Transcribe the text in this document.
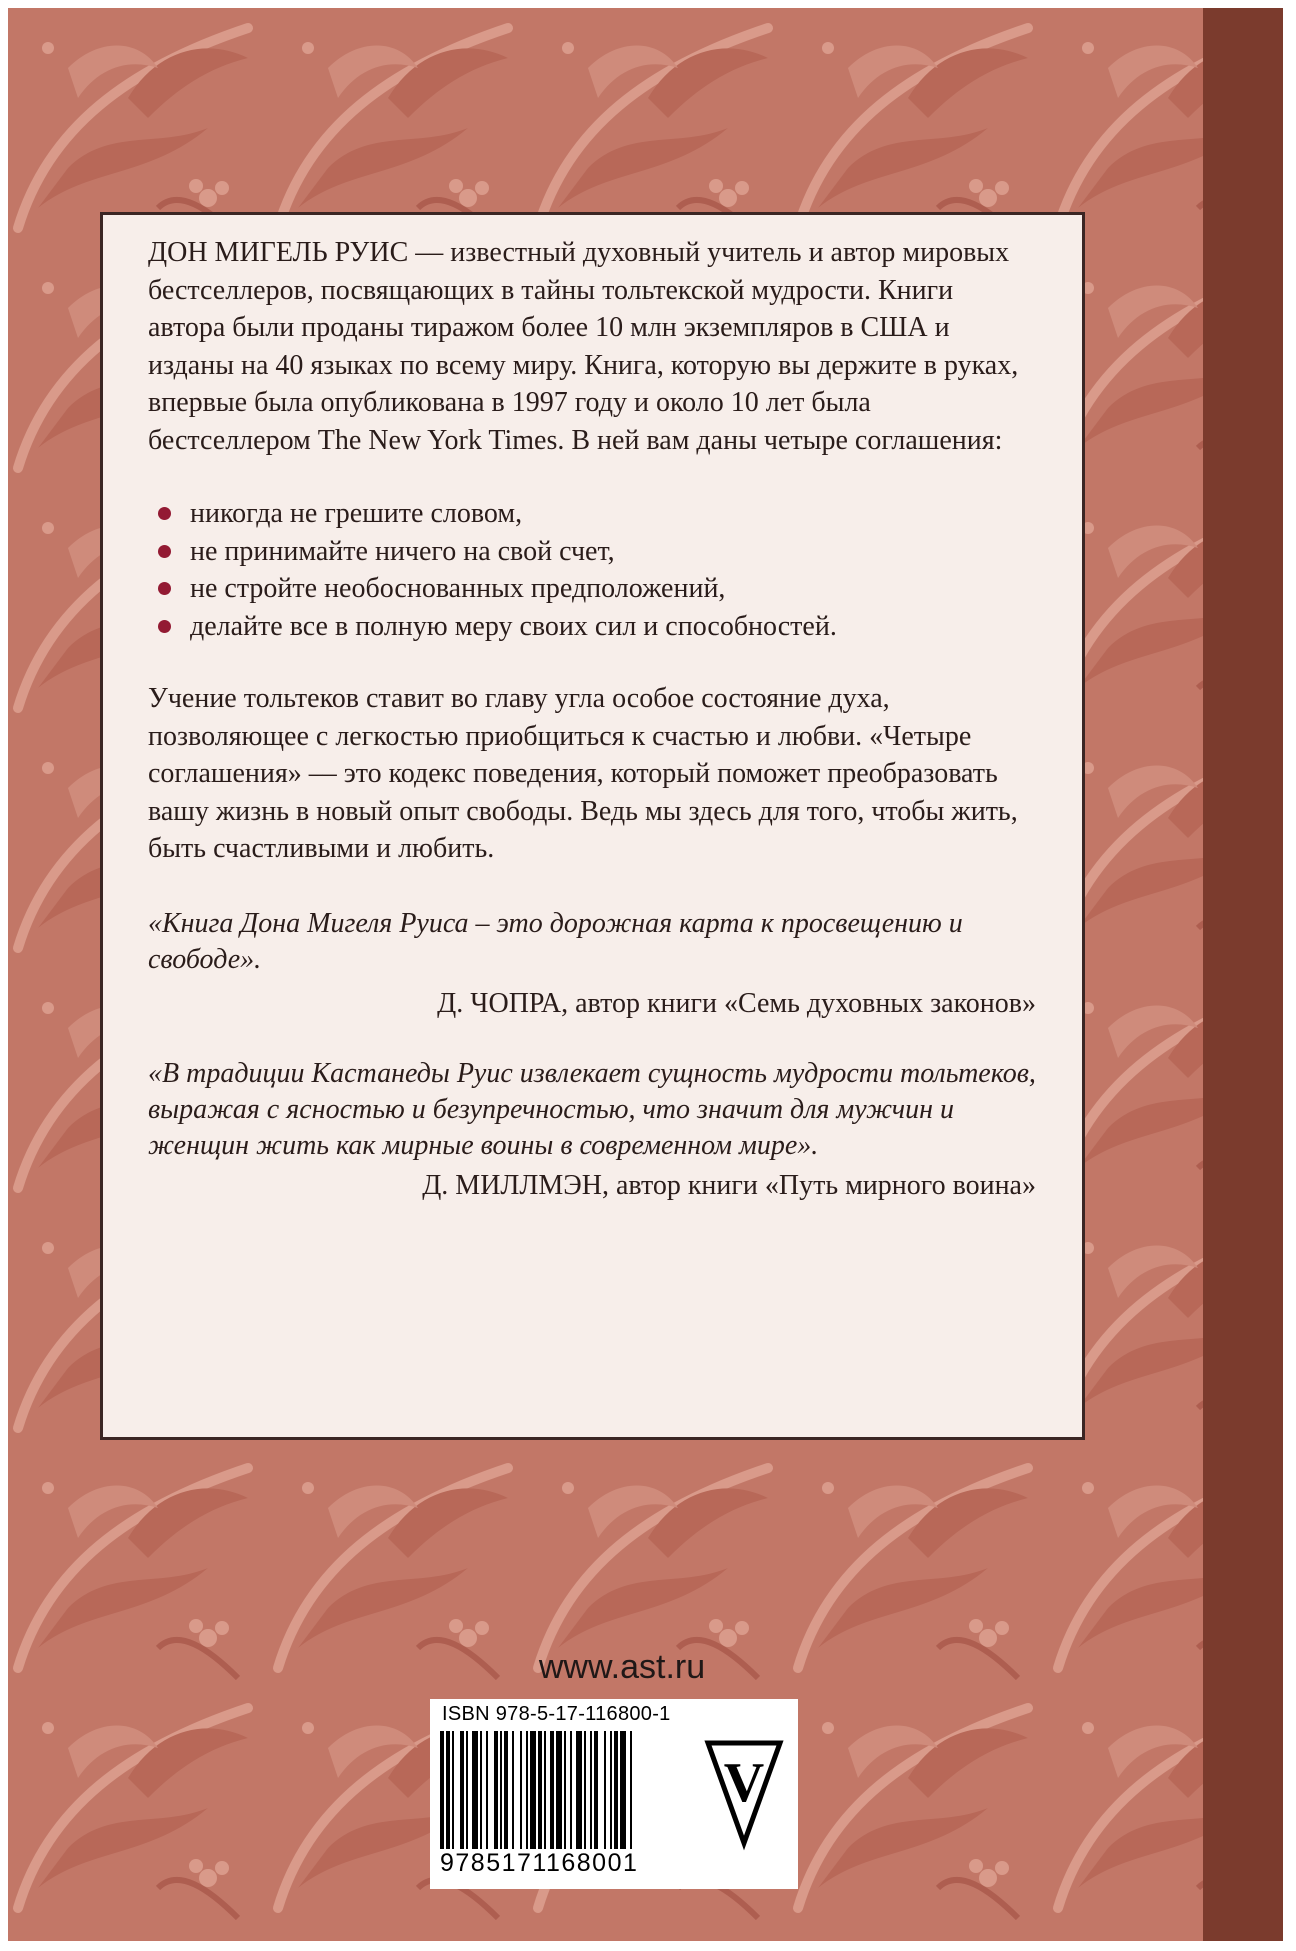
ДОН МИГЕЛЬ РУИС –– известный духовный учитель и автор мировых бестселлеров, посвящающих в тайны тольтекской мудрости. Книги автора были проданы тиражом более 10 млн экземпляров в США и изданы на 40 языках по всему миру. Книга, которую вы держите в руках, впервые была опубликована в 1997 году и около 10 лет была бестселлером The New York Times. В ней вам даны четыре соглашения:

никогда не грешите словом,
не принимайте ничего на свой счет,
не стройте необоснованных предположений,
делайте все в полную меру своих сил и способностей.

Учение тольтеков ставит во главу угла особое состояние духа, позволяющее с легкостью приобщиться к счастью и любви. «Четыре соглашения» –– это кодекс поведения, который поможет преобразовать вашу жизнь в новый опыт свободы. Ведь мы здесь для того, чтобы жить, быть счастливыми и любить.

«Книга Дона Мигеля Руиса – это дорожная карта к просвещению и свободе».

Д. ЧОПРА, автор книги «Семь духовных законов»

«В традиции Кастанеды Руис извлекает сущность мудрости тольтеков, выражая с ясностью и безупречностью, что значит для мужчин и женщин жить как мирные воины в современном мире».

Д. МИЛЛМЭН, автор книги «Путь мирного воина»

www.ast.ru
ISBN 978-5-17-116800-1
9785171168001
V
